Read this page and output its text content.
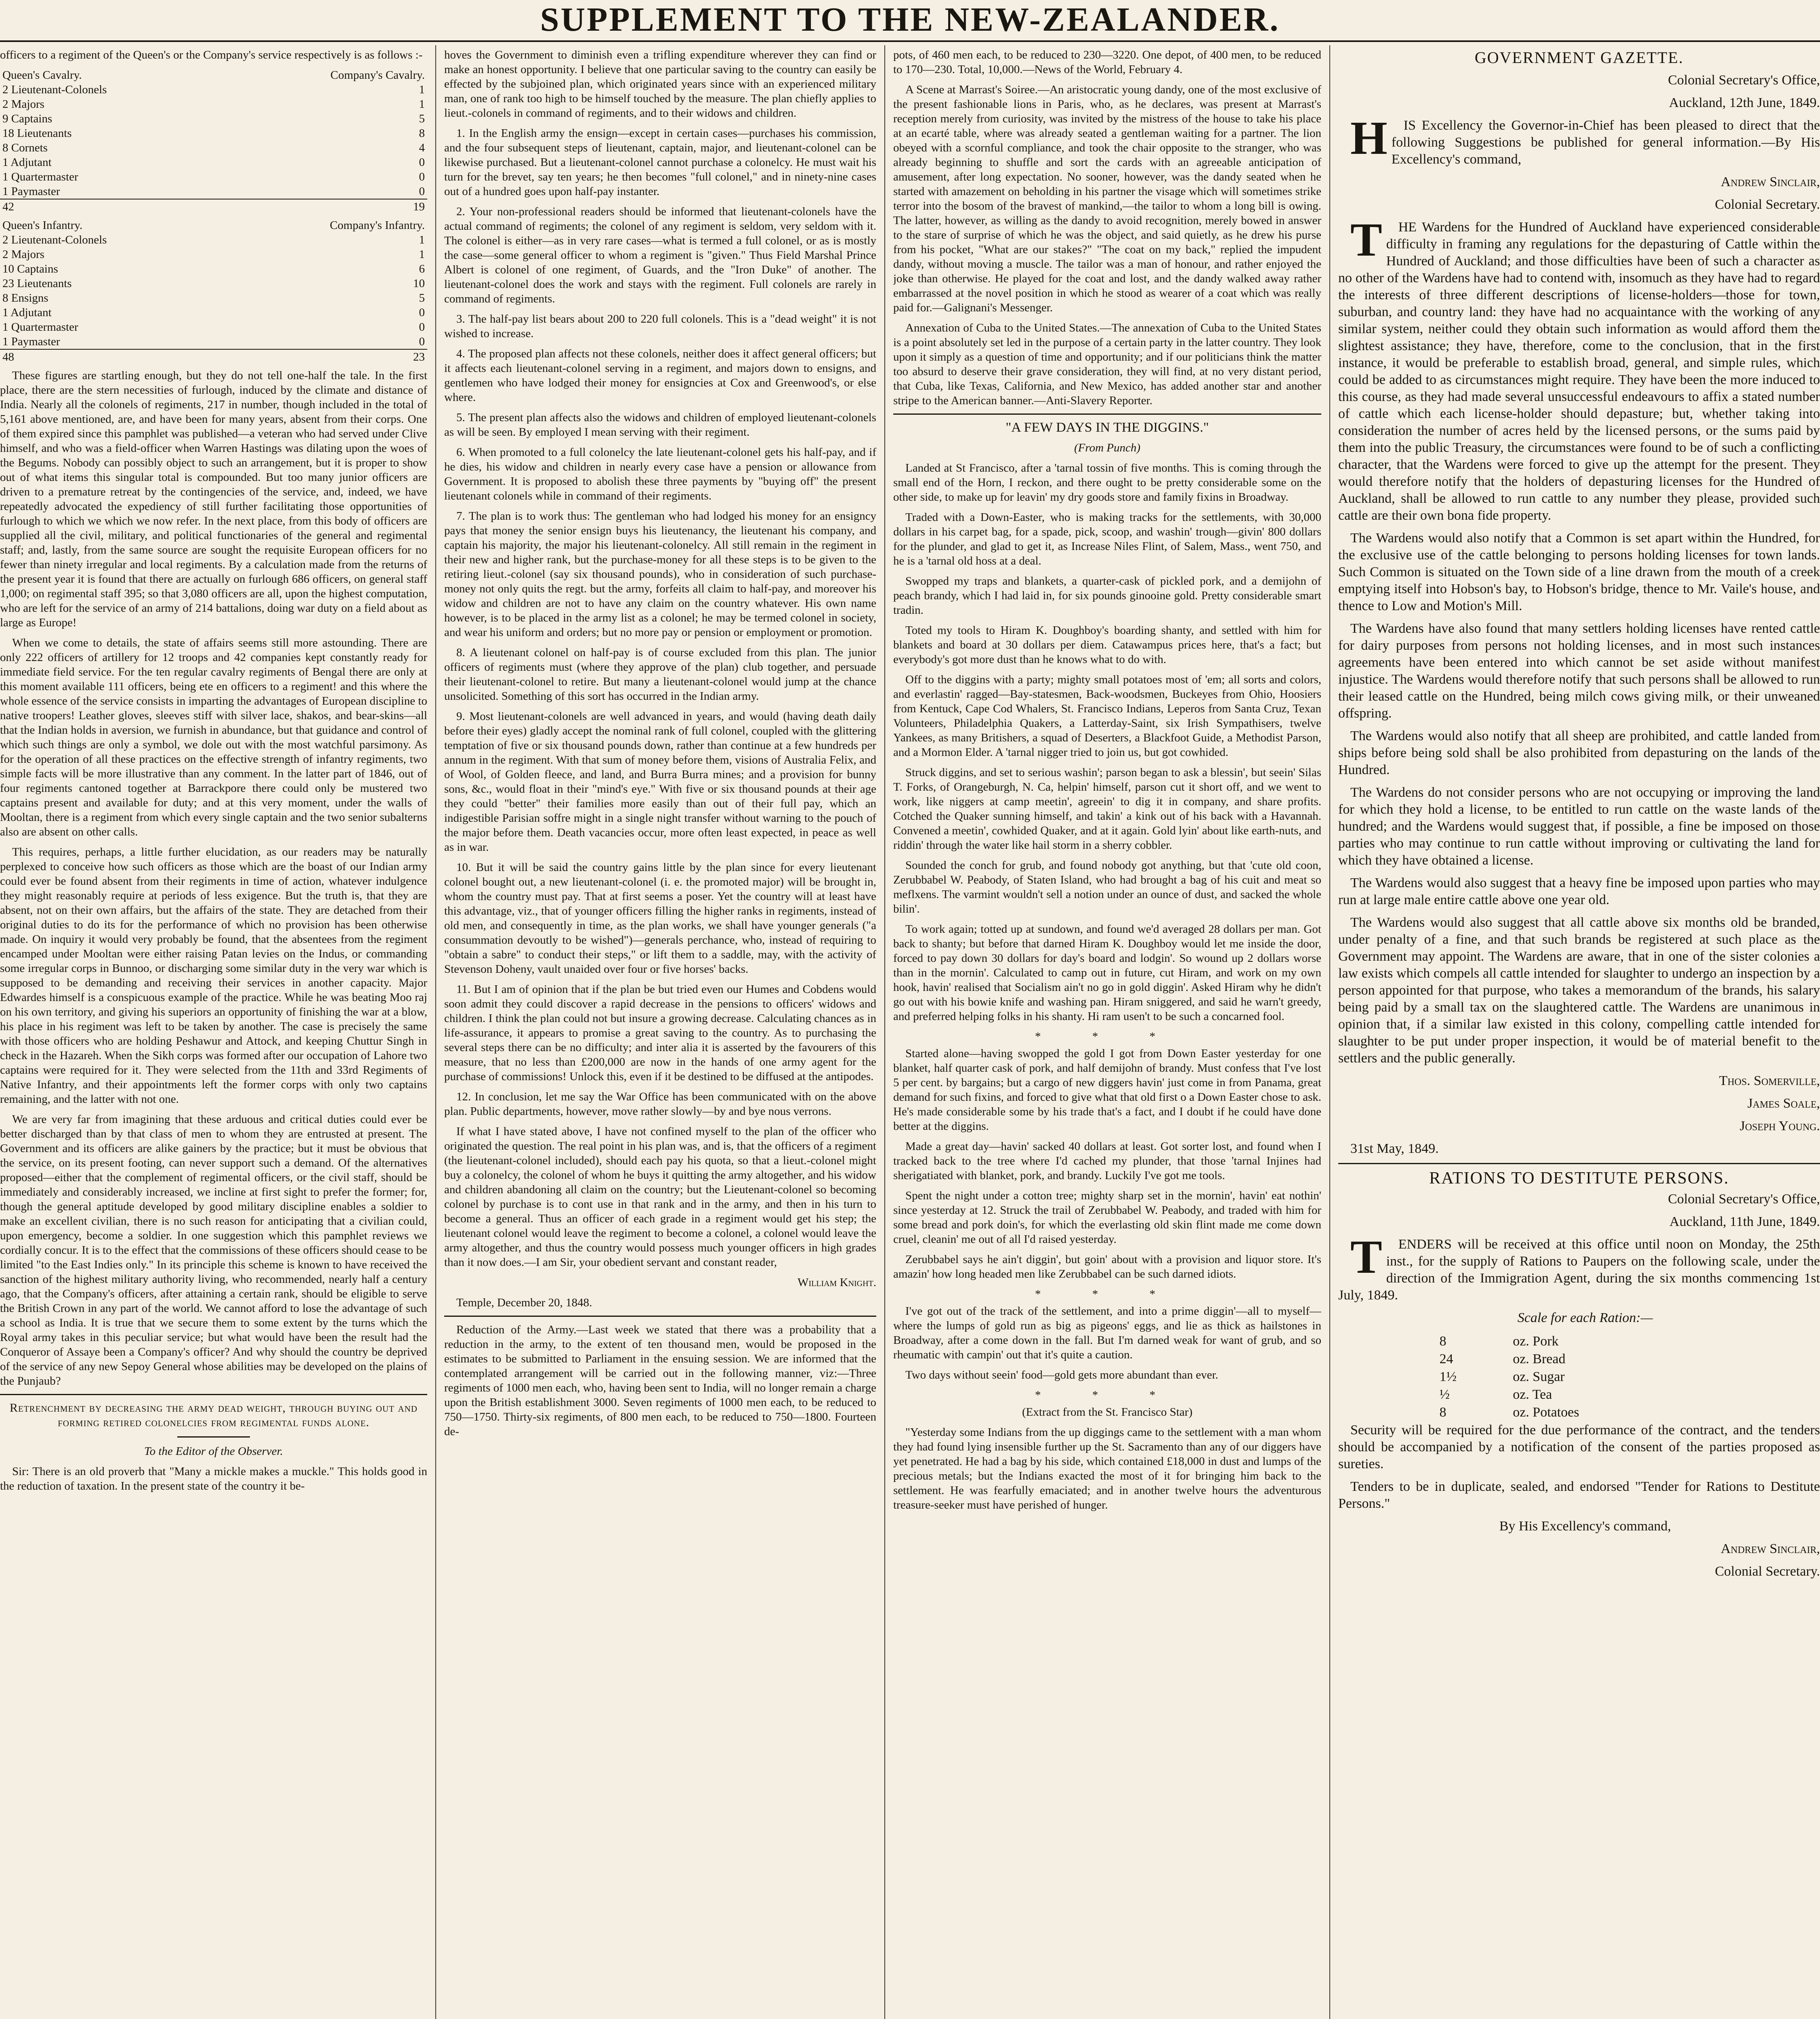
SUPPLEMENT TO THE NEW-ZEALANDER.

officers to a regiment of the Queen's or the Company's service respectively is as follows :-

Queen's Cavalry.	Company's Cavalry.
2 Lieutenant-Colonels	1
2 Majors	1
9 Captains	5
18 Lieutenants	8
8 Cornets	4
1 Adjutant	0
1 Quartermaster	0
1 Paymaster	0
42	19
Queen's Infantry.	Company's Infantry.
2 Lieutenant-Colonels	1
2 Majors	1
10 Captains	6
23 Lieutenants	10
8 Ensigns	5
1 Adjutant	0
1 Quartermaster	0
1 Paymaster	0
48	23

These figures are startling enough, but they do not tell one-half the tale. In the first place, there are the stern necessities of furlough, induced by the climate and distance of India. Nearly all the colonels of regiments, 217 in number, though included in the total of 5,161 above mentioned, are, and have been for many years, absent from their corps. One of them expired since this pamphlet was published—a veteran who had served under Clive himself, and who was a field-officer when Warren Hastings was dilating upon the woes of the Begums. Nobody can possibly object to such an arrangement, but it is proper to show out of what items this singular total is compounded. But too many junior officers are driven to a premature retreat by the contingencies of the service, and, indeed, we have repeatedly advocated the expediency of still further facilitating those opportunities of furlough to which we which we now refer. In the next place, from this body of officers are supplied all the civil, military, and political functionaries of the general and regimental staff; and, lastly, from the same source are sought the requisite European officers for no fewer than ninety irregular and local regiments. By a calculation made from the returns of the present year it is found that there are actually on furlough 686 officers, on general staff 1,000; on regimental staff 395; so that 3,080 officers are all, upon the highest computation, who are left for the service of an army of 214 battalions, doing war duty on a field about as large as Europe!

When we come to details, the state of affairs seems still more astounding. There are only 222 officers of artillery for 12 troops and 42 companies kept constantly ready for immediate field service. For the ten regular cavalry regiments of Bengal there are only at this moment available 111 officers, being ete en officers to a regiment! and this where the whole essence of the service consists in imparting the advantages of European discipline to native troopers! Leather gloves, sleeves stiff with silver lace, shakos, and bear-skins—all that the Indian holds in aversion, we furnish in abundance, but that guidance and control of which such things are only a symbol, we dole out with the most watchful parsimony. As for the operation of all these practices on the effective strength of infantry regiments, two simple facts will be more illustrative than any comment. In the latter part of 1846, out of four regiments cantoned together at Barrackpore there could only be mustered two captains present and available for duty; and at this very moment, under the walls of Mooltan, there is a regiment from which every single captain and the two senior subalterns also are absent on other calls.

This requires, perhaps, a little further elucidation, as our readers may be naturally perplexed to conceive how such officers as those which are the boast of our Indian army could ever be found absent from their regiments in time of action, whatever indulgence they might reasonably require at periods of less exigence. But the truth is, that they are absent, not on their own affairs, but the affairs of the state. They are detached from their original duties to do its for the performance of which no provision has been otherwise made. On inquiry it would very probably be found, that the absentees from the regiment encamped under Mooltan were either raising Patan levies on the Indus, or commanding some irregular corps in Bunnoo, or discharging some similar duty in the very war which is supposed to be demanding and receiving their services in another capacity. Major Edwardes himself is a conspicuous example of the practice. While he was beating Moo raj on his own territory, and giving his superiors an opportunity of finishing the war at a blow, his place in his regiment was left to be taken by another. The case is precisely the same with those officers who are holding Peshawur and Attock, and keeping Chuttur Singh in check in the Hazareh. When the Sikh corps was formed after our occupation of Lahore two captains were required for it. They were selected from the 11th and 33rd Regiments of Native Infantry, and their appointments left the former corps with only two captains remaining, and the latter with not one.

We are very far from imagining that these arduous and critical duties could ever be better discharged than by that class of men to whom they are entrusted at present. The Government and its officers are alike gainers by the practice; but it must be obvious that the service, on its present footing, can never support such a demand. Of the alternatives proposed—either that the complement of regimental officers, or the civil staff, should be immediately and considerably increased, we incline at first sight to prefer the former; for, though the general aptitude developed by good military discipline enables a soldier to make an excellent civilian, there is no such reason for anticipating that a civilian could, upon emergency, become a soldier. In one suggestion which this pamphlet reviews we cordially concur. It is to the effect that the commissions of these officers should cease to be limited "to the East Indies only." In its principle this scheme is known to have received the sanction of the highest military authority living, who recommended, nearly half a century ago, that the Company's officers, after attaining a certain rank, should be eligible to serve the British Crown in any part of the world. We cannot afford to lose the advantage of such a school as India. It is true that we secure them to some extent by the turns which the Royal army takes in this peculiar service; but what would have been the result had the Conqueror of Assaye been a Company's officer? And why should the country be deprived of the service of any new Sepoy General whose abilities may be developed on the plains of the Punjaub?

Retrenchment by decreasing the army dead weight, through buying out and forming retired colonelcies from regimental funds alone.

To the Editor of the Observer.

Sir: There is an old proverb that "Many a mickle makes a muckle." This holds good in the reduction of taxation. In the present state of the country it be-

hoves the Government to diminish even a trifling expenditure wherever they can find or make an honest opportunity. I believe that one particular saving to the country can easily be effected by the subjoined plan, which originated years since with an experienced military man, one of rank too high to be himself touched by the measure. The plan chiefly applies to lieut.-colonels in command of regiments, and to their widows and children.

1. In the English army the ensign—except in certain cases—purchases his commission, and the four subsequent steps of lieutenant, captain, major, and lieutenant-colonel can be likewise purchased. But a lieutenant-colonel cannot purchase a colonelcy. He must wait his turn for the brevet, say ten years; he then becomes "full colonel," and in ninety-nine cases out of a hundred goes upon half-pay instanter.

2. Your non-professional readers should be informed that lieutenant-colonels have the actual command of regiments; the colonel of any regiment is seldom, very seldom with it. The colonel is either—as in very rare cases—what is termed a full colonel, or as is mostly the case—some general officer to whom a regiment is "given." Thus Field Marshal Prince Albert is colonel of one regiment, of Guards, and the "Iron Duke" of another. The lieutenant-colonel does the work and stays with the regiment. Full colonels are rarely in command of regiments.

3. The half-pay list bears about 200 to 220 full colonels. This is a "dead weight" it is not wished to increase.

4. The proposed plan affects not these colonels, neither does it affect general officers; but it affects each lieutenant-colonel serving in a regiment, and majors down to ensigns, and gentlemen who have lodged their money for ensigncies at Cox and Greenwood's, or else where.

5. The present plan affects also the widows and children of employed lieutenant-colonels as will be seen. By employed I mean serving with their regiment.

6. When promoted to a full colonelcy the late lieutenant-colonel gets his half-pay, and if he dies, his widow and children in nearly every case have a pension or allowance from Government. It is proposed to abolish these three payments by "buying off" the present lieutenant colonels while in command of their regiments.

7. The plan is to work thus: The gentleman who had lodged his money for an ensigncy pays that money the senior ensign buys his lieutenancy, the lieutenant his company, and captain his majority, the major his lieutenant-colonelcy. All still remain in the regiment in their new and higher rank, but the purchase-money for all these steps is to be given to the retiring lieut.-colonel (say six thousand pounds), who in consideration of such purchase-money not only quits the regt. but the army, forfeits all claim to half-pay, and moreover his widow and children are not to have any claim on the country whatever. His own name however, is to be placed in the army list as a colonel; he may be termed colonel in society, and wear his uniform and orders; but no more pay or pension or employment or promotion.

8. A lieutenant colonel on half-pay is of course excluded from this plan. The junior officers of regiments must (where they approve of the plan) club together, and persuade their lieutenant-colonel to retire. But many a lieutenant-colonel would jump at the chance unsolicited. Something of this sort has occurred in the Indian army.

9. Most lieutenant-colonels are well advanced in years, and would (having death daily before their eyes) gladly accept the nominal rank of full colonel, coupled with the glittering temptation of five or six thousand pounds down, rather than continue at a few hundreds per annum in the regiment. With that sum of money before them, visions of Australia Felix, and of Wool, of Golden fleece, and land, and Burra Burra mines; and a provision for bunny sons, &c., would float in their "mind's eye." With five or six thousand pounds at their age they could "better" their families more easily than out of their full pay, which an indigestible Parisian soffre might in a single night transfer without warning to the pouch of the major before them. Death vacancies occur, more often least expected, in peace as well as in war.

10. But it will be said the country gains little by the plan since for every lieutenant colonel bought out, a new lieutenant-colonel (i. e. the promoted major) will be brought in, whom the country must pay. That at first seems a poser. Yet the country will at least have this advantage, viz., that of younger officers filling the higher ranks in regiments, instead of old men, and consequently in time, as the plan works, we shall have younger generals ("a consummation devoutly to be wished")—generals perchance, who, instead of requiring to "obtain a sabre" to conduct their steps," or lift them to a saddle, may, with the activity of Stevenson Doheny, vault unaided over four or five horses' backs.

11. But I am of opinion that if the plan be but tried even our Humes and Cobdens would soon admit they could discover a rapid decrease in the pensions to officers' widows and children. I think the plan could not but insure a growing decrease. Calculating chances as in life-assurance, it appears to promise a great saving to the country. As to purchasing the several steps there can be no difficulty; and inter alia it is asserted by the favourers of this measure, that no less than £200,000 are now in the hands of one army agent for the purchase of commissions! Unlock this, even if it be destined to be diffused at the antipodes.

12. In conclusion, let me say the War Office has been communicated with on the above plan. Public departments, however, move rather slowly—by and bye nous verrons.

If what I have stated above, I have not confined myself to the plan of the officer who originated the question. The real point in his plan was, and is, that the officers of a regiment (the lieutenant-colonel included), should each pay his quota, so that a lieut.-colonel might buy a colonelcy, the colonel of whom he buys it quitting the army altogether, and his widow and children abandoning all claim on the country; but the Lieutenant-colonel so becoming colonel by purchase is to cont use in that rank and in the army, and then in his turn to become a general. Thus an officer of each grade in a regiment would get his step; the lieutenant colonel would leave the regiment to become a colonel, a colonel would leave the army altogether, and thus the country would possess much younger officers in high grades than it now does.—I am Sir, your obedient servant and constant reader,

William Knight.

Temple, December 20, 1848.

Reduction of the Army.—Last week we stated that there was a probability that a reduction in the army, to the extent of ten thousand men, would be proposed in the estimates to be submitted to Parliament in the ensuing session. We are informed that the contemplated arrangement will be carried out in the following manner, viz:—Three regiments of 1000 men each, who, having been sent to India, will no longer remain a charge upon the British establishment 3000. Seven regiments of 1000 men each, to be reduced to 750—1750. Thirty-six regiments, of 800 men each, to be reduced to 750—1800. Fourteen de-

pots, of 460 men each, to be reduced to 230—3220. One depot, of 400 men, to be reduced to 170—230. Total, 10,000.—News of the World, February 4.

A Scene at Marrast's Soiree.—An aristocratic young dandy, one of the most exclusive of the present fashionable lions in Paris, who, as he declares, was present at Marrast's reception merely from curiosity, was invited by the mistress of the house to take his place at an ecarté table, where was already seated a gentleman waiting for a partner. The lion obeyed with a scornful compliance, and took the chair opposite to the stranger, who was already beginning to shuffle and sort the cards with an agreeable anticipation of amusement, after long expectation. No sooner, however, was the dandy seated when he started with amazement on beholding in his partner the visage which will sometimes strike terror into the bosom of the bravest of mankind,—the tailor to whom a long bill is owing. The latter, however, as willing as the dandy to avoid recognition, merely bowed in answer to the stare of surprise of which he was the object, and said quietly, as he drew his purse from his pocket, "What are our stakes?" "The coat on my back," replied the impudent dandy, without moving a muscle. The tailor was a man of honour, and rather enjoyed the joke than otherwise. He played for the coat and lost, and the dandy walked away rather embarrassed at the novel position in which he stood as wearer of a coat which was really paid for.—Galignani's Messenger.

Annexation of Cuba to the United States.—The annexation of Cuba to the United States is a point absolutely set led in the purpose of a certain party in the latter country. They look upon it simply as a question of time and opportunity; and if our politicians think the matter too absurd to deserve their grave consideration, they will find, at no very distant period, that Cuba, like Texas, California, and New Mexico, has added another star and another stripe to the American banner.—Anti-Slavery Reporter.

"A FEW DAYS IN THE DIGGINS."

(From Punch)

Landed at St Francisco, after a 'tarnal tossin of five months. This is coming through the small end of the Horn, I reckon, and there ought to be pretty considerable some on the other side, to make up for leavin' my dry goods store and family fixins in Broadway.

Traded with a Down-Easter, who is making tracks for the settlements, with 30,000 dollars in his carpet bag, for a spade, pick, scoop, and washin' trough—givin' 800 dollars for the plunder, and glad to get it, as Increase Niles Flint, of Salem, Mass., went 750, and he is a 'tarnal old hoss at a deal.

Swopped my traps and blankets, a quarter-cask of pickled pork, and a demijohn of peach brandy, which I had laid in, for six pounds ginooine gold. Pretty considerable smart tradin.

Toted my tools to Hiram K. Doughboy's boarding shanty, and settled with him for blankets and board at 30 dollars per diem. Catawampus prices here, that's a fact; but everybody's got more dust than he knows what to do with.

Off to the diggins with a party; mighty small potatoes most of 'em; all sorts and colors, and everlastin' ragged—Bay-statesmen, Back-woodsmen, Buckeyes from Ohio, Hoosiers from Kentuck, Cape Cod Whalers, St. Francisco Indians, Leperos from Santa Cruz, Texan Volunteers, Philadelphia Quakers, a Latterday-Saint, six Irish Sympathisers, twelve Yankees, as many Britishers, a squad of Deserters, a Blackfoot Guide, a Methodist Parson, and a Mormon Elder. A 'tarnal nigger tried to join us, but got cowhided.

Struck diggins, and set to serious washin'; parson began to ask a blessin', but seein' Silas T. Forks, of Orangeburgh, N. Ca, helpin' himself, parson cut it short off, and we went to work, like niggers at camp meetin', agreein' to dig it in company, and share profits. Cotched the Quaker sunning himself, and takin' a kink out of his back with a Havannah. Convened a meetin', cowhided Quaker, and at it again. Gold lyin' about like earth-nuts, and riddin' through the water like hail storm in a sherry cobbler.

Sounded the conch for grub, and found nobody got anything, but that 'cute old coon, Zerubbabel W. Peabody, of Staten Island, who had brought a bag of his cuit and meat so meflxens. The varmint wouldn't sell a notion under an ounce of dust, and sacked the whole bilin'.

To work again; totted up at sundown, and found we'd averaged 28 dollars per man. Got back to shanty; but before that darned Hiram K. Doughboy would let me inside the door, forced to pay down 30 dollars for day's board and lodgin'. So wound up 2 dollars worse than in the mornin'. Calculated to camp out in future, cut Hiram, and work on my own hook, havin' realised that Socialism ain't no go in gold diggin'. Asked Hiram why he didn't go out with his bowie knife and washing pan. Hiram sniggered, and said he warn't greedy, and preferred helping folks in his shanty. Hi ram usen't to be such a concarned fool.

* * *

Started alone—having swopped the gold I got from Down Easter yesterday for one blanket, half quarter cask of pork, and half demijohn of brandy. Must confess that I've lost 5 per cent. by bargains; but a cargo of new diggers havin' just come in from Panama, great demand for such fixins, and forced to give what that old first o a Down Easter chose to ask. He's made considerable some by his trade that's a fact, and I doubt if he could have done better at the diggins.

Made a great day—havin' sacked 40 dollars at least. Got sorter lost, and found when I tracked back to the tree where I'd cached my plunder, that those 'tarnal Injines had sherigatiated with blanket, pork, and brandy. Luckily I've got me tools.

Spent the night under a cotton tree; mighty sharp set in the mornin', havin' eat nothin' since yesterday at 12. Struck the trail of Zerubbabel W. Peabody, and traded with him for some bread and pork doin's, for which the everlasting old skin flint made me come down cruel, cleanin' me out of all I'd raised yesterday.

Zerubbabel says he ain't diggin', but goin' about with a provision and liquor store. It's amazin' how long headed men like Zerubbabel can be such darned idiots.

* * *

I've got out of the track of the settlement, and into a prime diggin'—all to myself—where the lumps of gold run as big as pigeons' eggs, and lie as thick as hailstones in Broadway, after a come down in the fall. But I'm darned weak for want of grub, and so rheumatic with campin' out that it's quite a caution.

Two days without seein' food—gold gets more abundant than ever.

* * *

(Extract from the St. Francisco Star)

"Yesterday some Indians from the up diggings came to the settlement with a man whom they had found lying insensible further up the St. Sacramento than any of our diggers have yet penetrated. He had a bag by his side, which contained £18,000 in dust and lumps of the precious metals; but the Indians exacted the most of it for bringing him back to the settlement. He was fearfully emaciated; and in another twelve hours the adventurous treasure-seeker must have perished of hunger.

GOVERNMENT GAZETTE.

Colonial Secretary's Office,

Auckland, 12th June, 1849.

H IS Excellency the Governor-in-Chief has been pleased to direct that the following Suggestions be published for general information.—By His Excellency's command,

Andrew Sinclair,

Colonial Secretary.

T HE Wardens for the Hundred of Auckland have experienced considerable difficulty in framing any regulations for the depasturing of Cattle within the Hundred of Auckland; and those difficulties have been of such a character as no other of the Wardens have had to contend with, insomuch as they have had to regard the interests of three different descriptions of license-holders—those for town, suburban, and country land: they have had no acquaintance with the working of any similar system, neither could they obtain such information as would afford them the slightest assistance; they have, therefore, come to the conclusion, that in the first instance, it would be preferable to establish broad, general, and simple rules, which could be added to as circumstances might require. They have been the more induced to this course, as they had made several unsuccessful endeavours to affix a stated number of cattle which each license-holder should depasture; but, whether taking into consideration the number of acres held by the licensed persons, or the sums paid by them into the public Treasury, the circumstances were found to be of such a conflicting character, that the Wardens were forced to give up the attempt for the present. They would therefore notify that the holders of depasturing licenses for the Hundred of Auckland, shall be allowed to run cattle to any number they please, provided such cattle are their own bona fide property.

The Wardens would also notify that a Common is set apart within the Hundred, for the exclusive use of the cattle belonging to persons holding licenses for town lands. Such Common is situated on the Town side of a line drawn from the mouth of a creek emptying itself into Hobson's bay, to Hobson's bridge, thence to Mr. Vaile's house, and thence to Low and Motion's Mill.

The Wardens have also found that many settlers holding licenses have rented cattle for dairy purposes from persons not holding licenses, and in most such instances agreements have been entered into which cannot be set aside without manifest injustice. The Wardens would therefore notify that such persons shall be allowed to run their leased cattle on the Hundred, being milch cows giving milk, or their unweaned offspring.

The Wardens would also notify that all sheep are prohibited, and cattle landed from ships before being sold shall be also prohibited from depasturing on the lands of the Hundred.

The Wardens do not consider persons who are not occupying or improving the land for which they hold a license, to be entitled to run cattle on the waste lands of the hundred; and the Wardens would suggest that, if possible, a fine be imposed on those parties who may continue to run cattle without improving or cultivating the land for which they have obtained a license.

The Wardens would also suggest that a heavy fine be imposed upon parties who may run at large male entire cattle above one year old.

The Wardens would also suggest that all cattle above six months old be branded, under penalty of a fine, and that such brands be registered at such place as the Government may appoint. The Wardens are aware, that in one of the sister colonies a law exists which compels all cattle intended for slaughter to undergo an inspection by a person appointed for that purpose, who takes a memorandum of the brands, his salary being paid by a small tax on the slaughtered cattle. The Wardens are unanimous in opinion that, if a similar law existed in this colony, compelling cattle intended for slaughter to be put under proper inspection, it would be of material benefit to the settlers and the public generally.

Thos. Somerville,

James Soale,

Joseph Young.

31st May, 1849.

RATIONS TO DESTITUTE PERSONS.

Colonial Secretary's Office,

Auckland, 11th June, 1849.

T ENDERS will be received at this office until noon on Monday, the 25th inst., for the supply of Rations to Paupers on the following scale, under the direction of the Immigration Agent, during the six months commencing 1st July, 1849.

Scale for each Ration:—

8	oz. Pork
24	oz. Bread
1½	oz. Sugar
½	oz. Tea
8	oz. Potatoes

Security will be required for the due performance of the contract, and the tenders should be accompanied by a notification of the consent of the parties proposed as sureties.

Tenders to be in duplicate, sealed, and endorsed "Tender for Rations to Destitute Persons."

By His Excellency's command,

Andrew Sinclair,

Colonial Secretary.
